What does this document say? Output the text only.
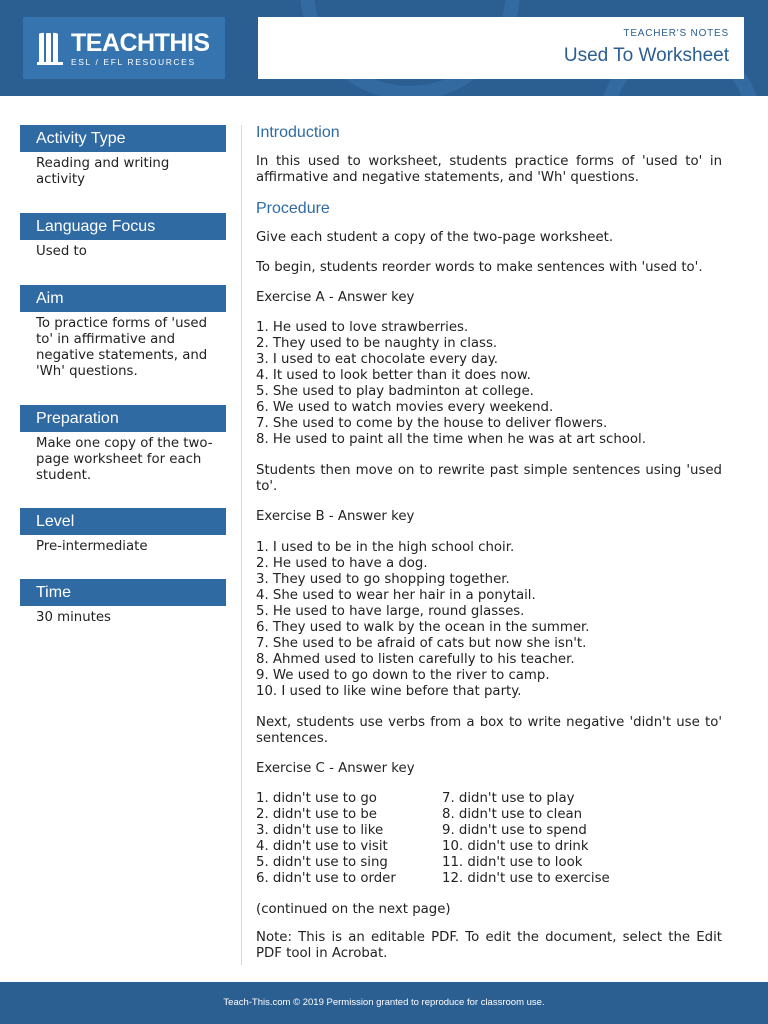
TEACHTHIS
ESL / EFL RESOURCES
TEACHER'S NOTES
Used To Worksheet
Activity Type
Reading and writing activity
Language Focus
Used to
Aim
To practice forms of 'used to' in affirmative and negative statements, and 'Wh' questions.
Preparation
Make one copy of the two-page worksheet for each student.
Level
Pre-intermediate
Time
30 minutes
Introduction

In this used to worksheet, students practice forms of 'used to' in affirmative and negative statements, and 'Wh' questions.

Procedure

Give each student a copy of the two-page worksheet.

To begin, students reorder words to make sentences with 'used to'.

Exercise A - Answer key

1. He used to love strawberries.
2. They used to be naughty in class.
3. I used to eat chocolate every day.
4. It used to look better than it does now.
5. She used to play badminton at college.
6. We used to watch movies every weekend.
7. She used to come by the house to deliver flowers.
8. He used to paint all the time when he was at art school.

Students then move on to rewrite past simple sentences using 'used to'.

Exercise B - Answer key

1. I used to be in the high school choir.
2. He used to have a dog.
3. They used to go shopping together.
4. She used to wear her hair in a ponytail.
5. He used to have large, round glasses.
6. They used to walk by the ocean in the summer.
7. She used to be afraid of cats but now she isn't.
8. Ahmed used to listen carefully to his teacher.
9. We used to go down to the river to camp.
10. I used to like wine before that party.

Next, students use verbs from a box to write negative 'didn't use to' sentences.

Exercise C - Answer key

1. didn't use to go
2. didn't use to be
3. didn't use to like
4. didn't use to visit
5. didn't use to sing
6. didn't use to order
7. didn't use to play
8. didn't use to clean
9. didn't use to spend
10. didn't use to drink
11. didn't use to look
12. didn't use to exercise

(continued on the next page)

Note: This is an editable PDF. To edit the document, select the Edit PDF tool in Acrobat.

Teach-This.com © 2019 Permission granted to reproduce for classroom use.
